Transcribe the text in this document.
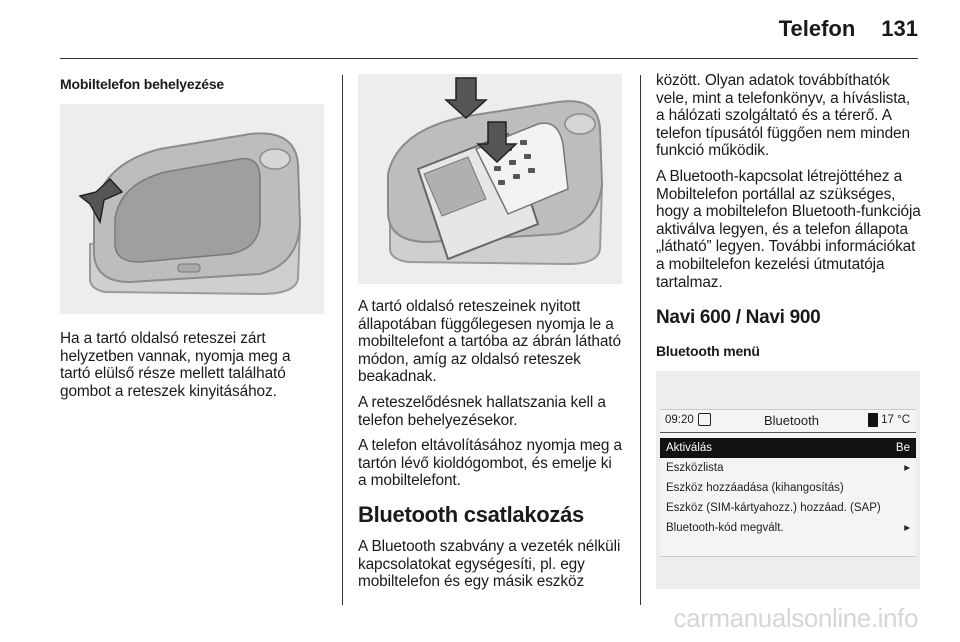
Telefon 131
Mobiltelefon behelyezése

Ha a tartó oldalsó reteszei zárt helyzetben vannak, nyomja meg a tartó elülső része mellett található gombot a reteszek kinyitásához.

A tartó oldalsó reteszeinek nyitott állapotában függőlegesen nyomja le a mobiltelefont a tartóba az ábrán látható módon, amíg az oldalsó reteszek beakadnak.

A reteszelődésnek hallatszania kell a telefon behelyezésekor.

A telefon eltávolításához nyomja meg a tartón lévő kioldógombot, és emelje ki a mobiltelefont.

Bluetooth csatlakozás

A Bluetooth szabvány a vezeték nélküli kapcsolatokat egységesíti, pl. egy mobiltelefon és egy másik eszköz

között. Olyan adatok továbbíthatók vele, mint a telefonkönyv, a híváslista, a hálózati szolgáltató és a térerő. A telefon típusától függően nem minden funkció működik.

A Bluetooth-kapcsolat létrejöttéhez a Mobiltelefon portállal az szükséges, hogy a mobiltelefon Bluetooth-funkciója aktiválva legyen, és a telefon állapota „látható” legyen. További információkat a mobiltelefon kezelési útmutatója tartalmaz.

Navi 600 / Navi 900
Bluetooth menü
09:20	Bluetooth	17 °C
Aktiválás	Be
Eszközlista	▸
Eszköz hozzáadása (kihangosítás)
Eszköz (SIM-kártyahozz.) hozzáad. (SAP)
Bluetooth-kód megvált.	▸
carmanualsonline.info
